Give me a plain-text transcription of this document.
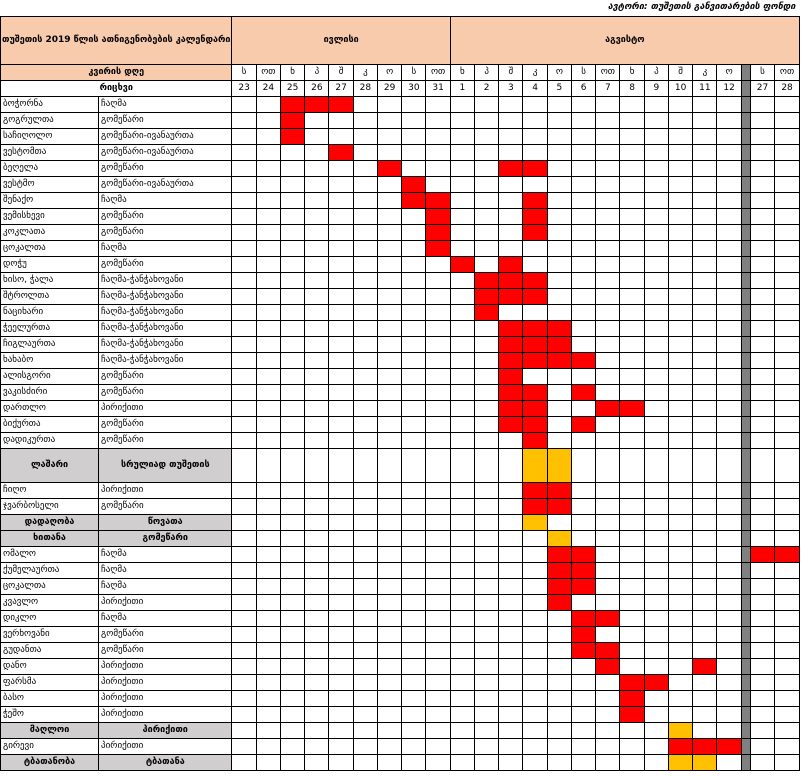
		ავტორი: თუშეთის განვითარების ფონდი																							
თუშეთის 2019 წლის ათნიგენობების კალენდარი		ივლისი									აგვისტო														
კვირის დღე		ს	ოთ	ხ	პ	შ	კ	ო	ს	ოთ	ხ	პ	შ	კ	ო	ს	ოთ	ხ	პ	შ	კ	ო		ს	ოთ
რიცხვი		23	24	25	26	27	28	29	30	31	1	2	3	4	5	6	7	8	9	10	11	12		27	28
ბოჭორნა	ჩაღმა																								
გოგრულთა	გომეწარი																								
საჩიღოლო	გომეწარი-ივანაურთა																								
ვესტომთა	გომეწარი-ივანაურთა																								
ბეღელა	გომეწარი																								
ვესტმო	გომეწარი-ივანაურთა																								
შენაქო	ჩაღმა																								
ვემისხევი	გომეწარი																								
კოკლათა	გომეწარი																								
ცოკალთა	ჩაღმა																								
დოჭუ	გომეწარი																								
ხისო, ჭალა	ჩაღმა-ჭანჭახოვანი																								
შტროლთა	ჩაღმა-ჭანჭახოვანი																								
ნაციხარი	ჩაღმა-ჭანჭახოვანი																								
ჭეელურთა	ჩაღმა-ჭანჭახოვანი																								
ჩიგლაურთა	ჩაღმა-ჭანჭახოვანი																								
ხახაბო	ჩაღმა-ჭანჭახოვანი																								
ალისგორი	გომეწარი																								
ვაკისძირი	გომეწარი																								
დართლო	პირიქითი																								
ბიქურთა	გომეწარი																								
დადიკურთა	გომეწარი																								
ლაშარი	სრულიად თუშეთის																								
ჩიღო	პირიქითი																								
ჯვარბოსელი	გომეწარი																								
დადაღობა	წოვათა																								
ხითანა	გომეწარი																								
ომალო	ჩაღმა																								
ქუმელაურთა	ჩაღმა																								
ცოკალთა	ჩაღმა																								
კვავლო	პირიქითი																								
დიკლო	ჩაღმა																								
ვერხოვანი	გომეწარი																								
გუდანთა	გომეწარი																								
დანო	პირიქითი																								
ფარსმა	პირიქითი																								
ბასო	პირიქითი																								
ჭეშო	პირიქითი																								
მაღლოი	პირიქითი																								
გირევი	პირიქითი																								
ტბათანობა	ტბათანა																								
